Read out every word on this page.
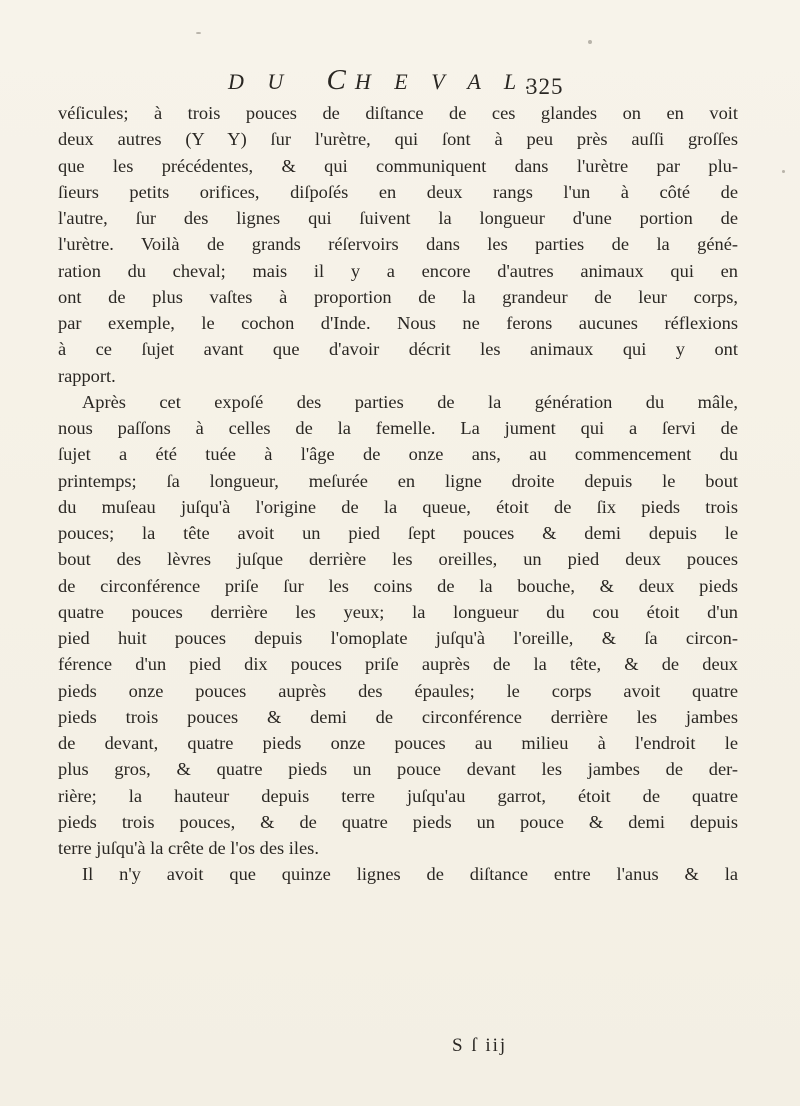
D U CH E V A L.
325
véſicules; à trois pouces de diſtance de ces glandes on en voit
deux autres (Y Y) ſur l'urètre, qui ſont à peu près auſſi groſſes
que les précédentes, & qui communiquent dans l'urètre par plu-
ſieurs petits orifices, diſpoſés en deux rangs l'un à côté de
l'autre, ſur des lignes qui ſuivent la longueur d'une portion de
l'urètre. Voilà de grands réſervoirs dans les parties de la géné-
ration du cheval; mais il y a encore d'autres animaux qui en
ont de plus vaſtes à proportion de la grandeur de leur corps,
par exemple, le cochon d'Inde. Nous ne ferons aucunes réflexions
à ce ſujet avant que d'avoir décrit les animaux qui y ont
rapport.
Après cet expoſé des parties de la génération du mâle,
nous paſſons à celles de la femelle. La jument qui a ſervi de
ſujet a été tuée à l'âge de onze ans, au commencement du
printemps; ſa longueur, meſurée en ligne droite depuis le bout
du muſeau juſqu'à l'origine de la queue, étoit de ſix pieds trois
pouces; la tête avoit un pied ſept pouces & demi depuis le
bout des lèvres juſque derrière les oreilles, un pied deux pouces
de circonférence priſe ſur les coins de la bouche, & deux pieds
quatre pouces derrière les yeux; la longueur du cou étoit d'un
pied huit pouces depuis l'omoplate juſqu'à l'oreille, & ſa circon-
férence d'un pied dix pouces priſe auprès de la tête, & de deux
pieds onze pouces auprès des épaules; le corps avoit quatre
pieds trois pouces & demi de circonférence derrière les jambes
de devant, quatre pieds onze pouces au milieu à l'endroit le
plus gros, & quatre pieds un pouce devant les jambes de der-
rière; la hauteur depuis terre juſqu'au garrot, étoit de quatre
pieds trois pouces, & de quatre pieds un pouce & demi depuis
terre juſqu'à la crête de l'os des iles.
Il n'y avoit que quinze lignes de diſtance entre l'anus & la
S ſ iij
